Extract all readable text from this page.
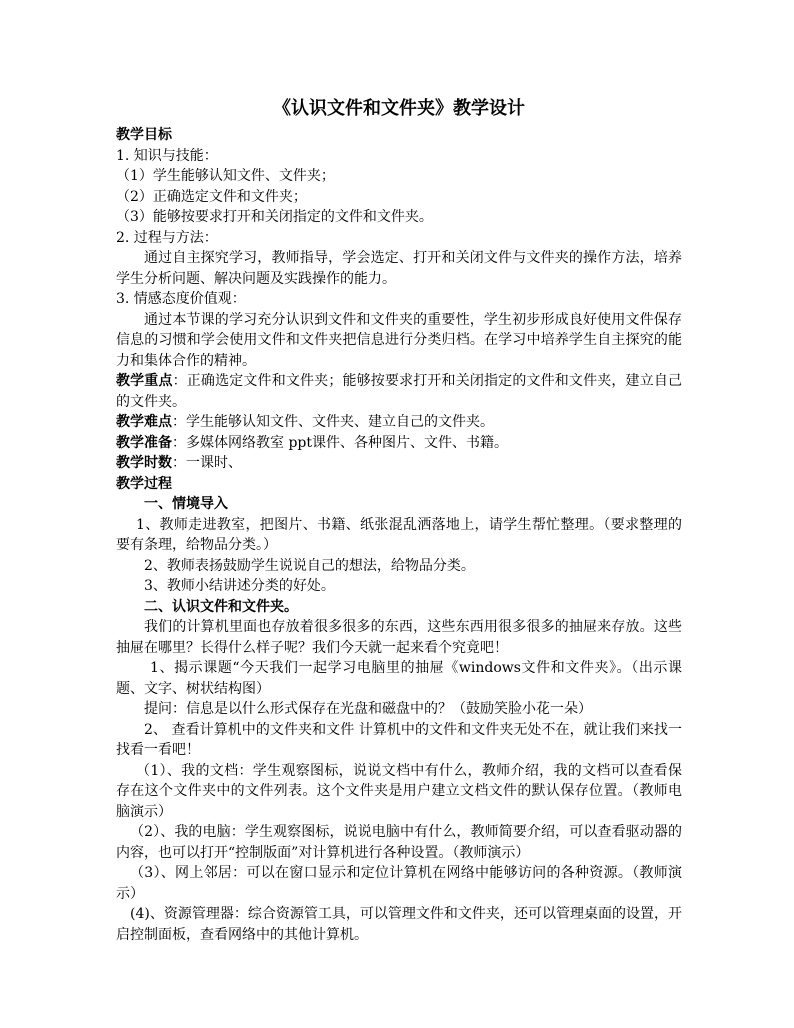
《认识文件和文件夹》教学设计

教学目标

1. 知识与技能：

（1）学生能够认知文件、文件夹；

（2）正确选定文件和文件夹；

（3）能够按要求打开和关闭指定的文件和文件夹。

2. 过程与方法：

通过自主探究学习，教师指导，学会选定、打开和关闭文件与文件夹的操作方法，培养学生分析问题、解决问题及实践操作的能力。

3. 情感态度价值观：

通过本节课的学习充分认识到文件和文件夹的重要性，学生初步形成良好使用文件保存信息的习惯和学会使用文件和文件夹把信息进行分类归档。在学习中培养学生自主探究的能力和集体合作的精神。

教学重点：正确选定文件和文件夹；能够按要求打开和关闭指定的文件和文件夹，建立自己的文件夹。

教学难点：学生能够认知文件、文件夹、建立自己的文件夹。

教学准备：多媒体网络教室 ppt课件、各种图片、文件、书籍。

教学时数：一课时、

教学过程

一、情境导入

1、教师走进教室，把图片、书籍、纸张混乱洒落地上，请学生帮忙整理。（要求整理的要有条理，给物品分类。）

2、教师表扬鼓励学生说说自己的想法，给物品分类。

3、教师小结讲述分类的好处。

二、认识文件和文件夹。

我们的计算机里面也存放着很多很多的东西，这些东西用很多很多的抽屉来存放。这些抽屉在哪里？长得什么样子呢？我们今天就一起来看个究竟吧！

1、揭示课题“今天我们一起学习电脑里的抽屉《windows文件和文件夹》。（出示课题、文字、树状结构图）

提问：信息是以什么形式保存在光盘和磁盘中的？（鼓励笑脸小花一朵）

2、 查看计算机中的文件夹和文件 计算机中的文件和文件夹无处不在，就让我们来找一找看一看吧！

（1）、我的文档：学生观察图标，说说文档中有什么，教师介绍，我的文档可以查看保存在这个文件夹中的文件列表。这个文件夹是用户建立文档文件的默认保存位置。（教师电脑演示）

（2）、我的电脑：学生观察图标，说说电脑中有什么，教师简要介绍，可以查看驱动器的内容，也可以打开“控制版面”对计算机进行各种设置。（教师演示）

（3）、网上邻居：可以在窗口显示和定位计算机在网络中能够访问的各种资源。（教师演示）

(4)、资源管理器：综合资源管工具，可以管理文件和文件夹，还可以管理桌面的设置，开启控制面板，查看网络中的其他计算机。
